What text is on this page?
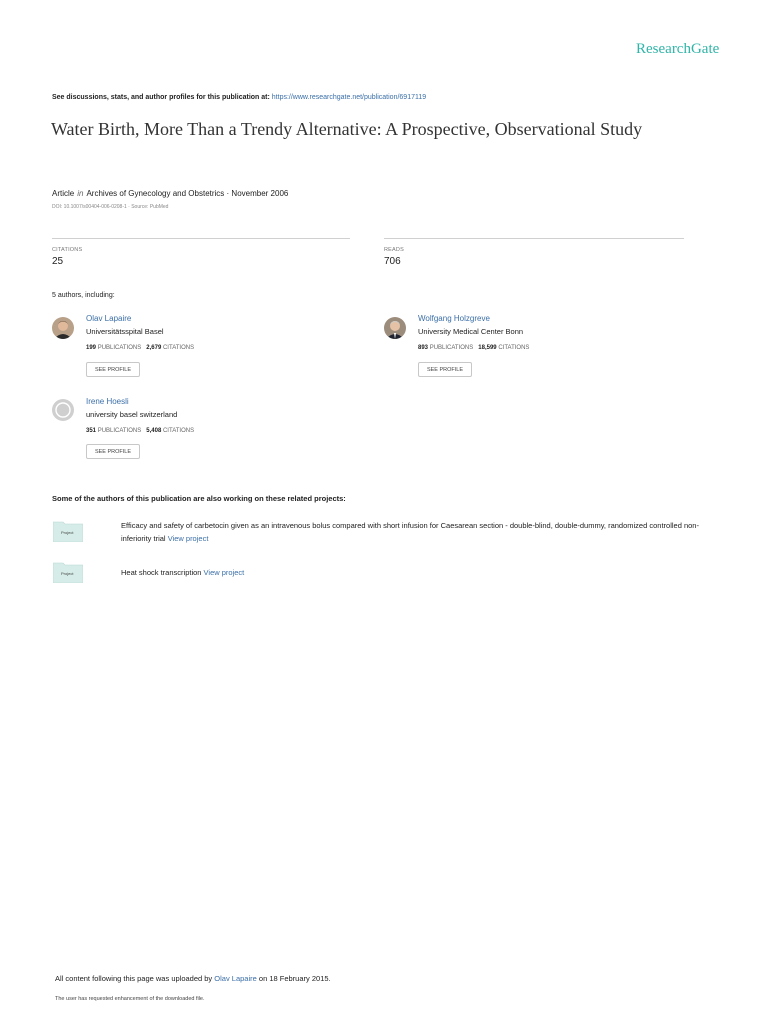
ResearchGate
See discussions, stats, and author profiles for this publication at: https://www.researchgate.net/publication/6917119
Water Birth, More Than a Trendy Alternative: A Prospective, Observational Study
Article in Archives of Gynecology and Obstetrics · November 2006
DOI: 10.1007/s00404-006-0208-1 · Source: PubMed
CITATIONS
25
READS
706
5 authors, including:
Olav Lapaire
Universitätsspital Basel
199 PUBLICATIONS 2,679 CITATIONS
SEE PROFILE
Wolfgang Holzgreve
University Medical Center Bonn
893 PUBLICATIONS 18,599 CITATIONS
SEE PROFILE
Irene Hoesli
university basel switzerland
351 PUBLICATIONS 5,408 CITATIONS
SEE PROFILE
Some of the authors of this publication are also working on these related projects:
Project
Efficacy and safety of carbetocin given as an intravenous bolus compared with short infusion for Caesarean section - double-blind, double-dummy, randomized controlled non-inferiority trial View project
Project	Heat shock transcription View project
All content following this page was uploaded by Olav Lapaire on 18 February 2015.
The user has requested enhancement of the downloaded file.
